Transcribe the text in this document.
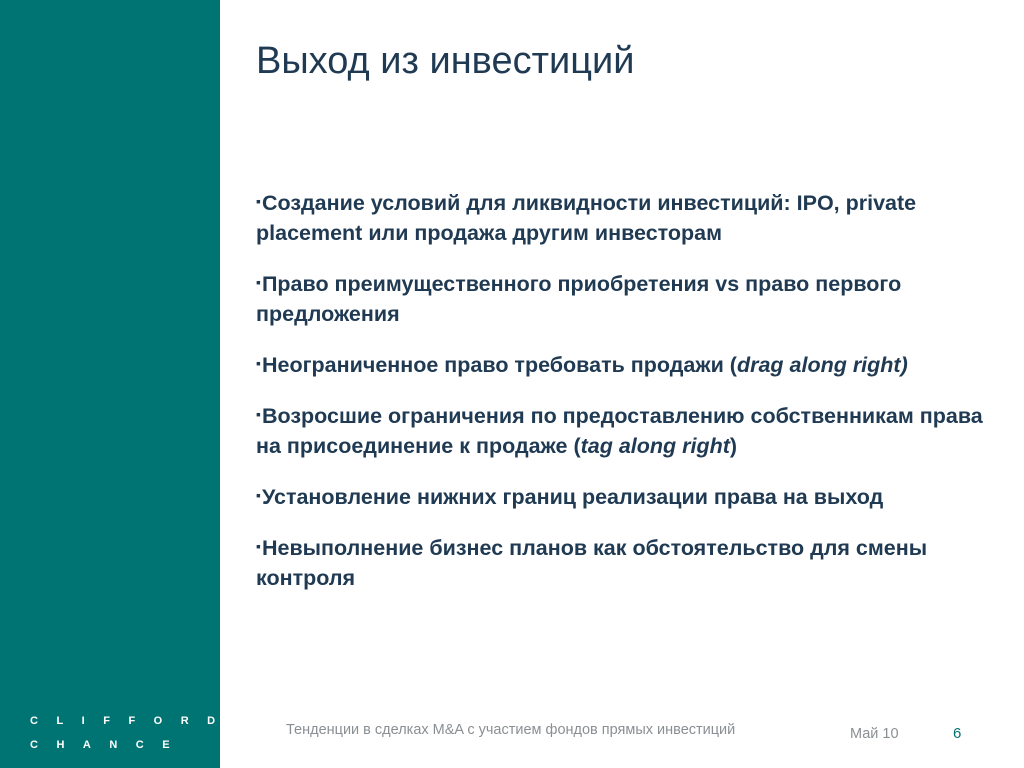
CLIFFORD
CHANCE
Выход из инвестиций
▪Создание условий для ликвидности инвестиций: IPO, private placement или продажа другим инвесторам
▪Право преимущественного приобретения vs право первого предложения
▪Неограниченное право требовать продажи (drag along right)
▪Возросшие ограничения по предоставлению собственникам права на присоединение к продаже (tag along right)
▪Установление нижних границ реализации права на выход
▪Невыполнение бизнес планов как обстоятельство для смены контроля
Тенденции в сделках M&A с участием фондов прямых инвестиций	Май 10	6
